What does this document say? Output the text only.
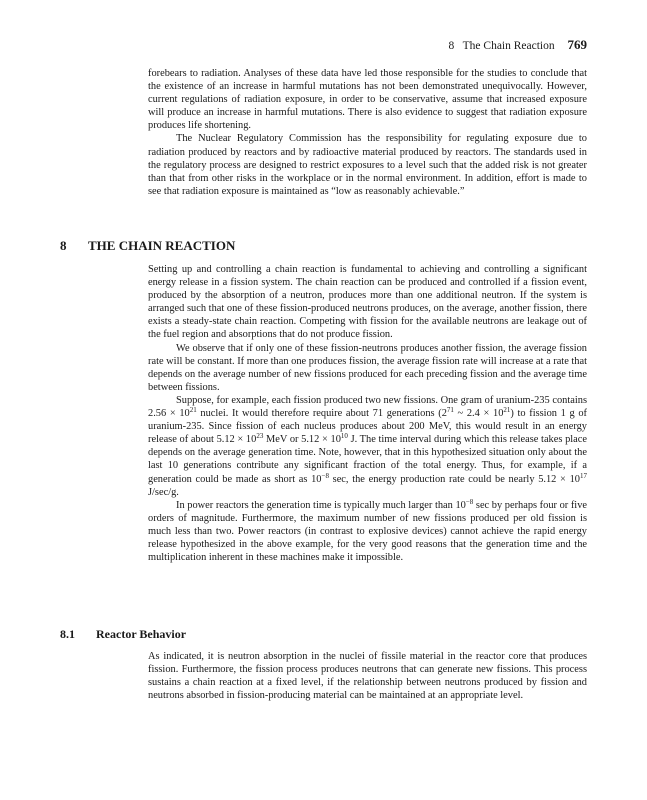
8   The Chain Reaction 769

forebears to radiation. Analyses of these data have led those responsible for the studies to conclude that the existence of an increase in harmful mutations has not been demonstrated unequivocally. However, current regulations of radiation exposure, in order to be conservative, assume that increased exposure will produce an increase in harmful mutations. There is also evidence to suggest that radiation exposure produces life shortening.

The Nuclear Regulatory Commission has the responsibility for regulating exposure due to radiation produced by reactors and by radioactive material produced by reactors. The standards used in the regulatory process are designed to restrict exposures to a level such that the added risk is not greater than that from other risks in the workplace or in the normal environment. In addition, effort is made to see that radiation exposure is maintained as “low as reasonably achievable.”

8 THE CHAIN REACTION

Setting up and controlling a chain reaction is fundamental to achieving and controlling a significant energy release in a fission system. The chain reaction can be produced and controlled if a fission event, produced by the absorption of a neutron, produces more than one additional neutron. If the system is arranged such that one of these fission-produced neutrons produces, on the average, another fission, there exists a steady-state chain reaction. Competing with fission for the available neutrons are leakage out of the fuel region and absorptions that do not produce fission.

We observe that if only one of these fission-neutrons produces another fission, the average fission rate will be constant. If more than one produces fission, the average fission rate will increase at a rate that depends on the average number of new fissions produced for each preceding fission and the average time between fissions.

Suppose, for example, each fission produced two new fissions. One gram of uranium-235 contains $2.56 \times 10^{21}$ nuclei. It would therefore require about 71 generations ($2^{71}$ ~ $2.4 \times 10^{21}$) to fission 1 g of uranium-235. Since fission of each nucleus produces about 200 MeV, this would result in an energy release of about $5.12 \times 10^{23}$ MeV or $5.12 \times 10^{10}$ J. The time interval during which this release takes place depends on the average generation time. Note, however, that in this hypothesized situation only about the last 10 generations contribute any significant fraction of the total energy. Thus, for example, if a generation could be made as short as $10^{-8}$ sec, the energy production rate could be nearly $5.12 \times 10^{17}$ J/sec/g.

In power reactors the generation time is typically much larger than $10^{-8}$ sec by perhaps four or five orders of magnitude. Furthermore, the maximum number of new fissions produced per old fission is much less than two. Power reactors (in contrast to explosive devices) cannot achieve the rapid energy release hypothesized in the above example, for the very good reasons that the generation time and the multiplication inherent in these machines make it impossible.

8.1 Reactor Behavior

As indicated, it is neutron absorption in the nuclei of fissile material in the reactor core that produces fission. Furthermore, the fission process produces neutrons that can generate new fissions. This process sustains a chain reaction at a fixed level, if the relationship between neutrons produced by fission and neutrons absorbed in fission-producing material can be maintained at an appropriate level.
